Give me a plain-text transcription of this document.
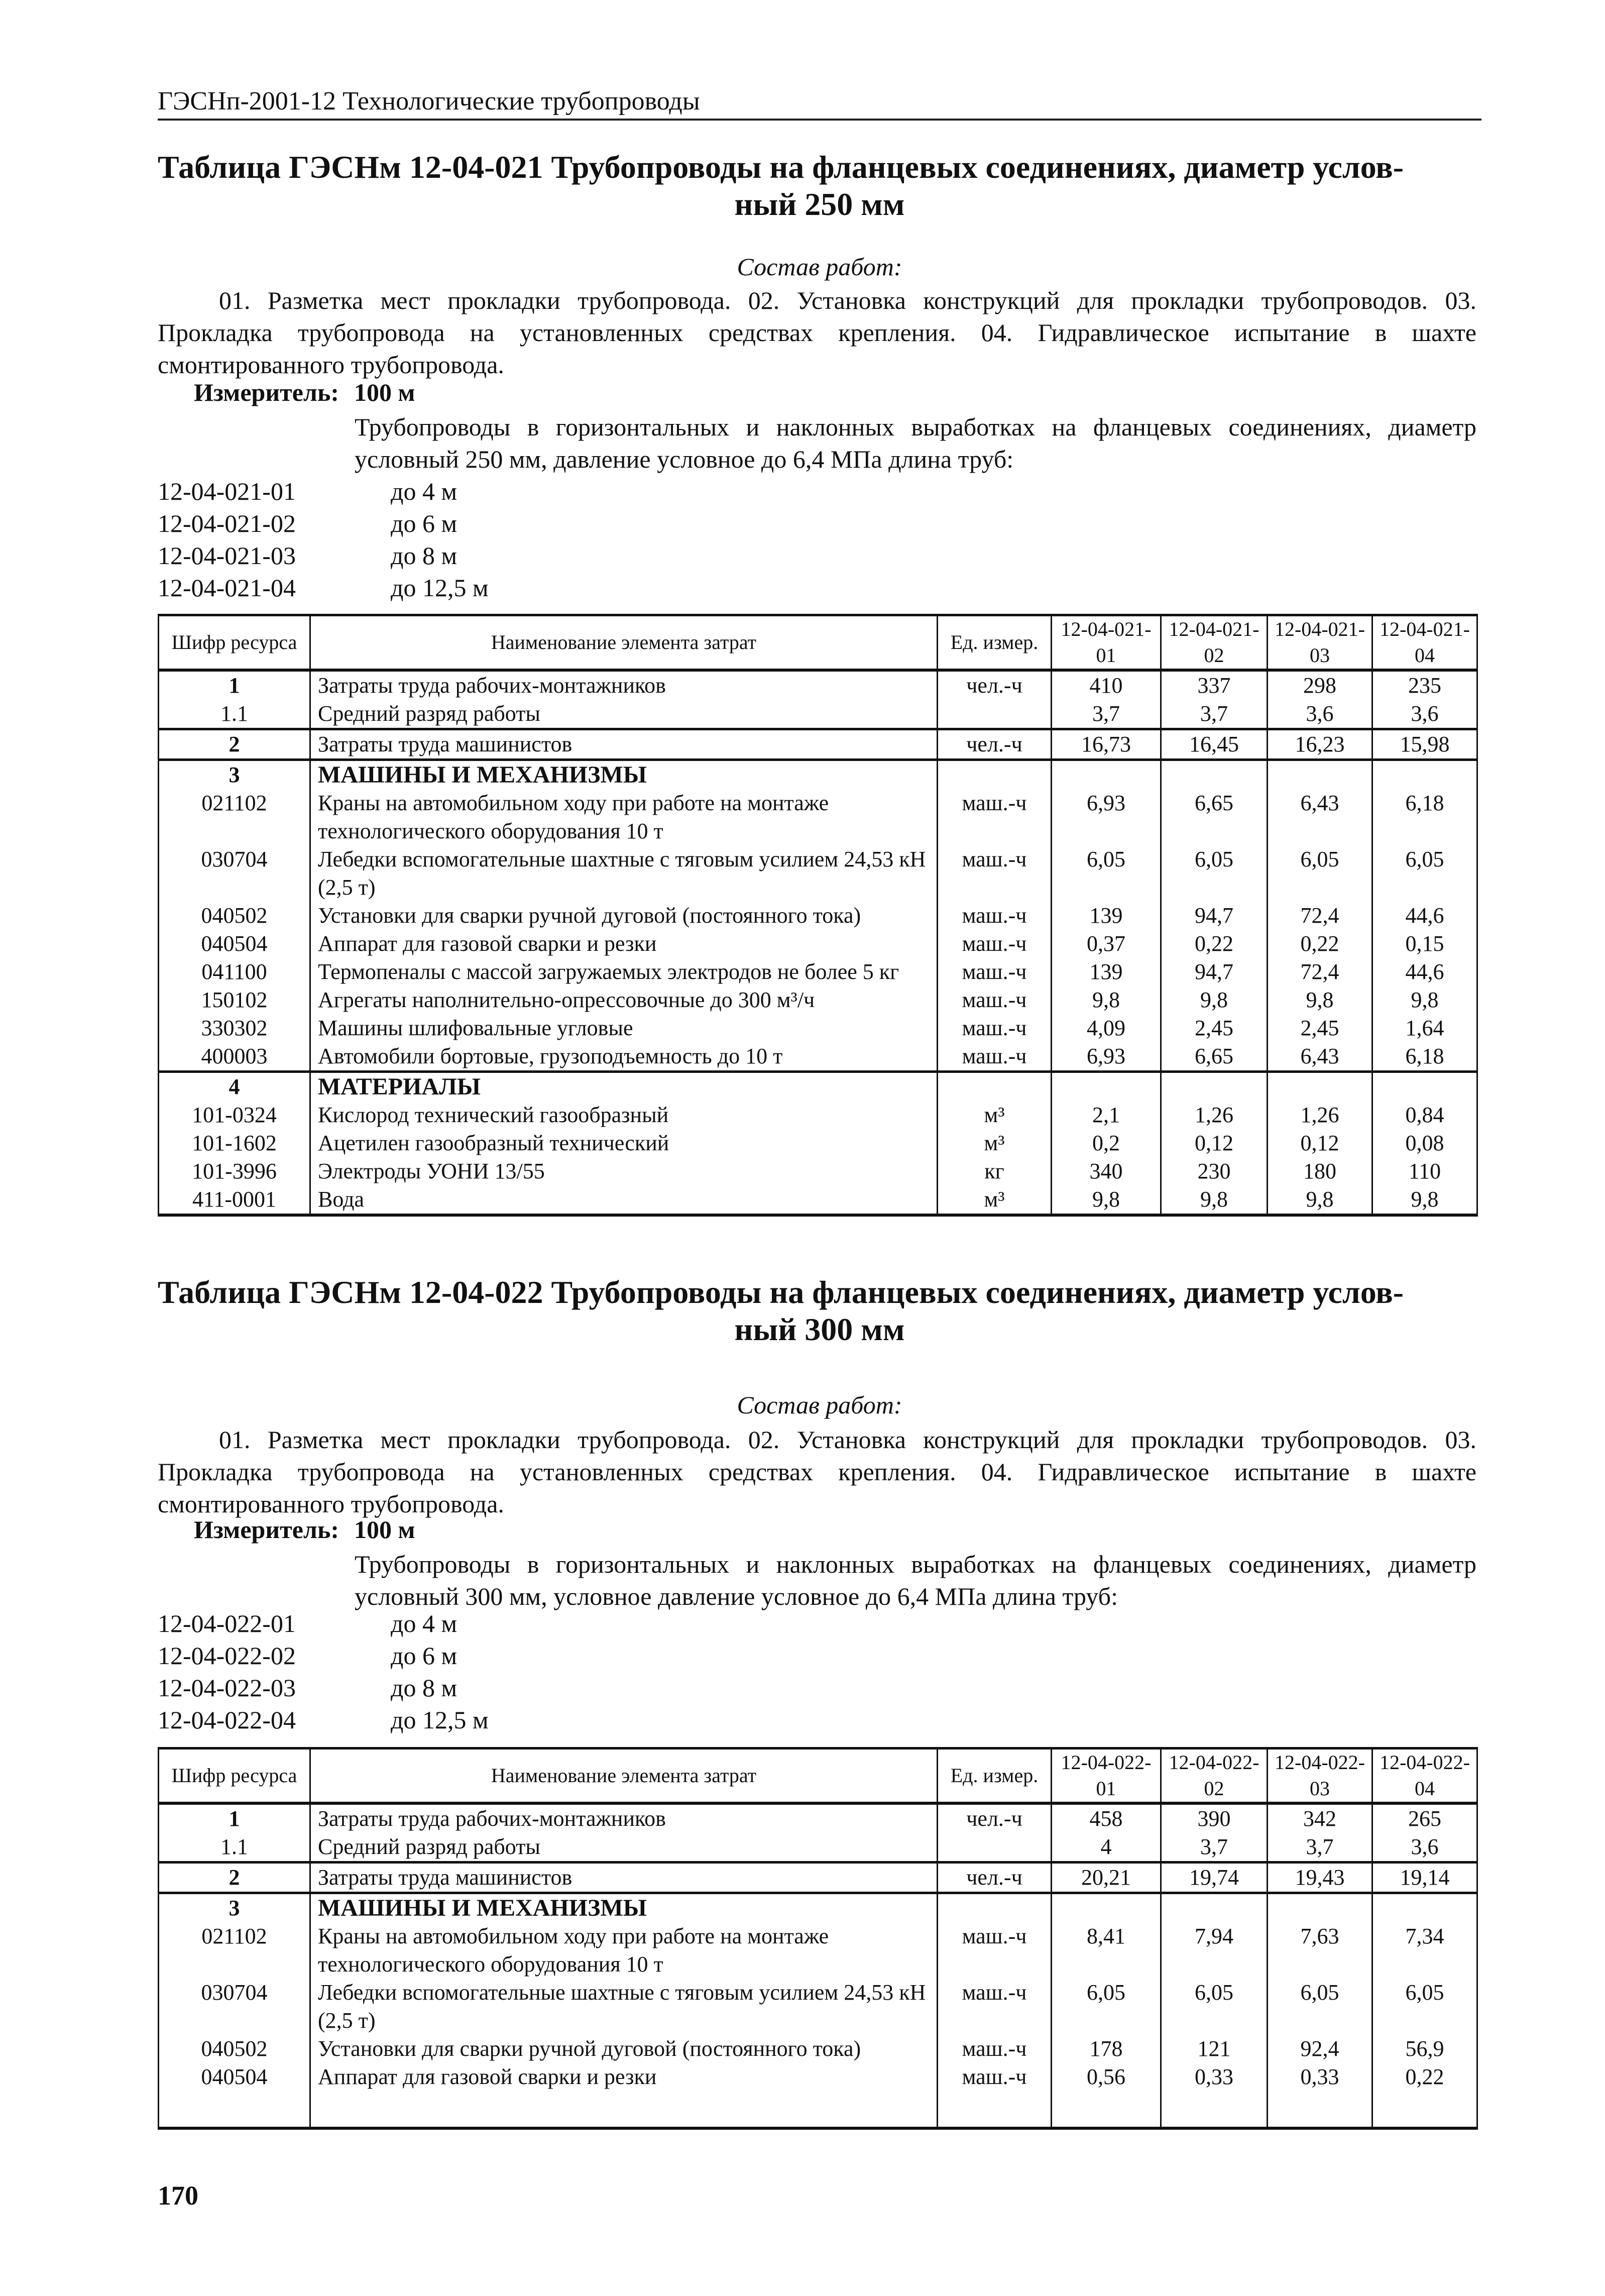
ГЭСНп-2001-12 Технологические трубопроводы
Таблица ГЭСНм 12-04-021 Трубопроводы на фланцевых соединениях, диаметр услов-
ный 250 мм
Состав работ:
01. Разметка мест прокладки трубопровода. 02. Установка конструкций для прокладки трубопроводов. 03. Прокладка трубопровода на установленных средствах крепления. 04. Гидравлическое испытание в шахте смонтированного трубопровода.
Измеритель: 100 м
Трубопроводы в горизонтальных и наклонных выработках на фланцевых соединениях, диаметр условный 250 мм, давление условное до 6,4 МПа длина труб:
12-04-021-01	до 4 м
12-04-021-02	до 6 м
12-04-021-03	до 8 м
12-04-021-04	до 12,5 м
Шифр ресурса	Наименование элемента затрат	Ед. измер.	12-04-021-01	12-04-021-02	12-04-021-03	12-04-021-04
1	Затраты труда рабочих-монтажников	чел.-ч	410	337	298	235
1.1	Средний разряд работы		3,7	3,7	3,6	3,6
2	Затраты труда машинистов	чел.-ч	16,73	16,45	16,23	15,98
3	МАШИНЫ И МЕХАНИЗМЫ					
021102	Краны на автомобильном ходу при работе на монтаже технологического оборудования 10 т	маш.-ч	6,93	6,65	6,43	6,18
030704	Лебедки вспомогательные шахтные с тяговым усилием 24,53 кН (2,5 т)	маш.-ч	6,05	6,05	6,05	6,05
040502	Установки для сварки ручной дуговой (постоянного тока)	маш.-ч	139	94,7	72,4	44,6
040504	Аппарат для газовой сварки и резки	маш.-ч	0,37	0,22	0,22	0,15
041100	Термопеналы с массой загружаемых электродов не более 5 кг	маш.-ч	139	94,7	72,4	44,6
150102	Агрегаты наполнительно-опрессовочные до 300 м³/ч	маш.-ч	9,8	9,8	9,8	9,8
330302	Машины шлифовальные угловые	маш.-ч	4,09	2,45	2,45	1,64
400003	Автомобили бортовые, грузоподъемность до 10 т	маш.-ч	6,93	6,65	6,43	6,18
4	МАТЕРИАЛЫ					
101-0324	Кислород технический газообразный	м³	2,1	1,26	1,26	0,84
101-1602	Ацетилен газообразный технический	м³	0,2	0,12	0,12	0,08
101-3996	Электроды УОНИ 13/55	кг	340	230	180	110
411-0001	Вода	м³	9,8	9,8	9,8	9,8
Таблица ГЭСНм 12-04-022 Трубопроводы на фланцевых соединениях, диаметр услов-
ный 300 мм
Состав работ:
01. Разметка мест прокладки трубопровода. 02. Установка конструкций для прокладки трубопроводов. 03. Прокладка трубопровода на установленных средствах крепления. 04. Гидравлическое испытание в шахте смонтированного трубопровода.
Измеритель: 100 м
Трубопроводы в горизонтальных и наклонных выработках на фланцевых соединениях, диаметр условный 300 мм, условное давление условное до 6,4 МПа длина труб:
12-04-022-01	до 4 м
12-04-022-02	до 6 м
12-04-022-03	до 8 м
12-04-022-04	до 12,5 м
Шифр ресурса	Наименование элемента затрат	Ед. измер.	12-04-022-01	12-04-022-02	12-04-022-03	12-04-022-04
1	Затраты труда рабочих-монтажников	чел.-ч	458	390	342	265
1.1	Средний разряд работы		4	3,7	3,7	3,6
2	Затраты труда машинистов	чел.-ч	20,21	19,74	19,43	19,14
3	МАШИНЫ И МЕХАНИЗМЫ					
021102	Краны на автомобильном ходу при работе на монтаже технологического оборудования 10 т	маш.-ч	8,41	7,94	7,63	7,34
030704	Лебедки вспомогательные шахтные с тяговым усилием 24,53 кН (2,5 т)	маш.-ч	6,05	6,05	6,05	6,05
040502	Установки для сварки ручной дуговой (постоянного тока)	маш.-ч	178	121	92,4	56,9
040504	Аппарат для газовой сварки и резки	маш.-ч	0,56	0,33	0,33	0,22
170
